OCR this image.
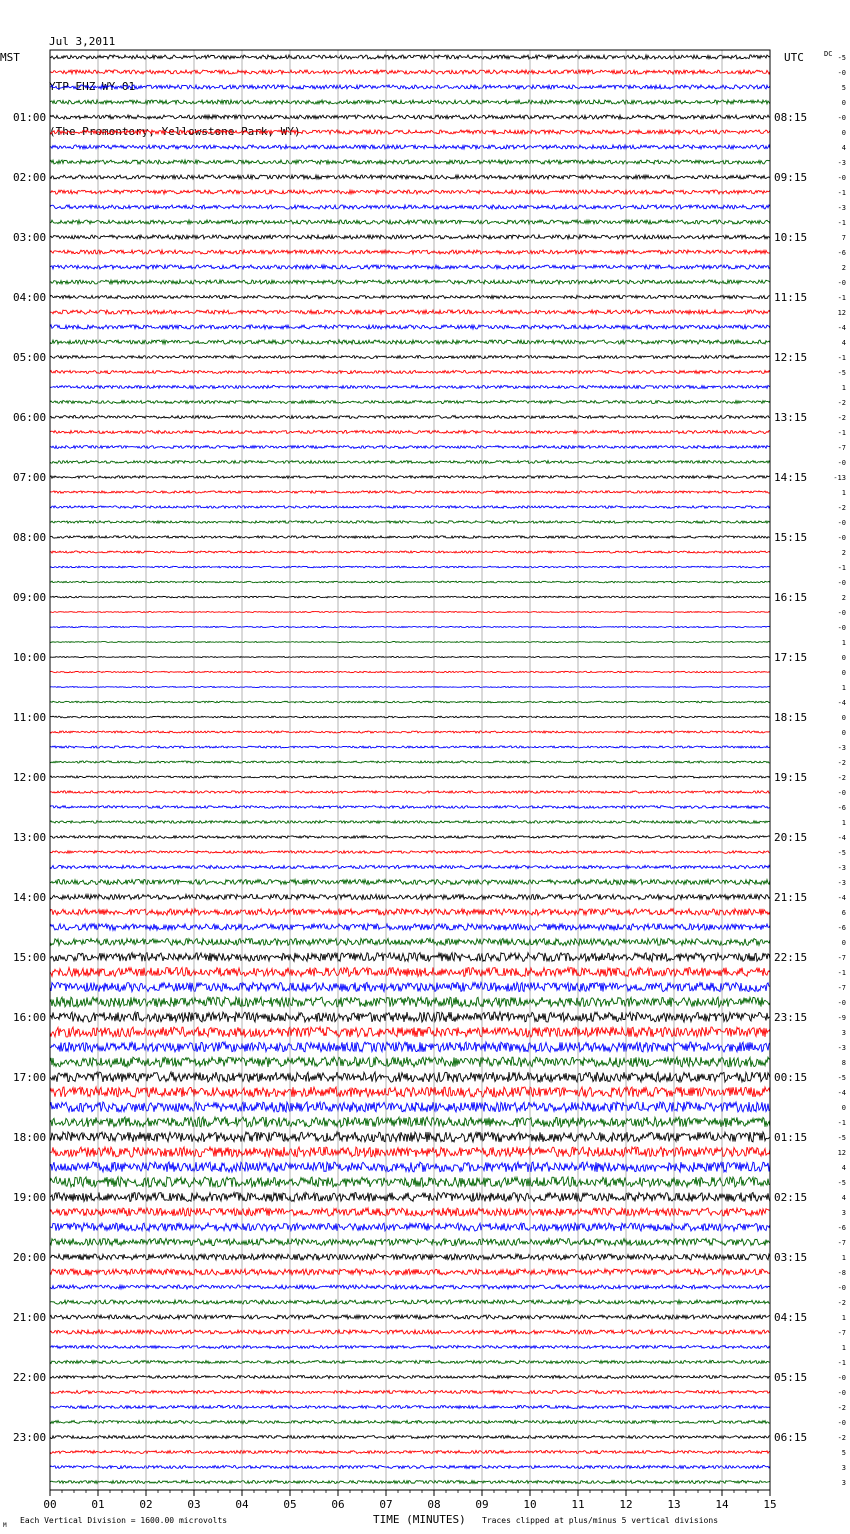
Jul 3,2011

YTP EHZ WY 01

(The Promontory, Yellowstone Park, WY)

01:00
02:00
03:00
04:00
05:00
06:00
07:00
08:00
09:00
10:00
11:00
12:00
13:00
14:00
15:00
16:00
17:00
18:00
19:00
20:00
21:00
22:00
23:00
08:15
09:15
10:15
11:15
12:15
13:15
14:15
15:15
16:15
17:15
18:15
19:15
20:15
21:15
22:15
23:15
00:15
01:15
02:15
03:15
04:15
05:15
06:15
-5
-0
5
0
-0
0
4
-3
-0
-1
-3
-1
7
-6
2
-0
-1
12
-4
4
-1
-5
1
-2
-2
-1
-7
-0
-13
1
-2
-0
-0
2
-1
-0
2
-0
-0
1
0
0
1
-4
0
0
-3
-2
-2
-0
-6
1
-4
-5
-3
-3
-4
6
-6
0
-7
-1
-7
-0
-9
3
-3
8
-5
-4
0
-1
-5
12
4
-5
4
3
-6
-7
1
-8
-0
-2
1
-7
1
-1
-0
-0
-2
-0
-2
5
3
3
00	01	02	03	04	05	06	07	08	09	10	11	12	13	14	15
MST	UTC	DC
TIME (MINUTES)
Each Vertical Division = 1600.00 microvolts	Traces clipped at plus/minus 5 vertical divisions
M
